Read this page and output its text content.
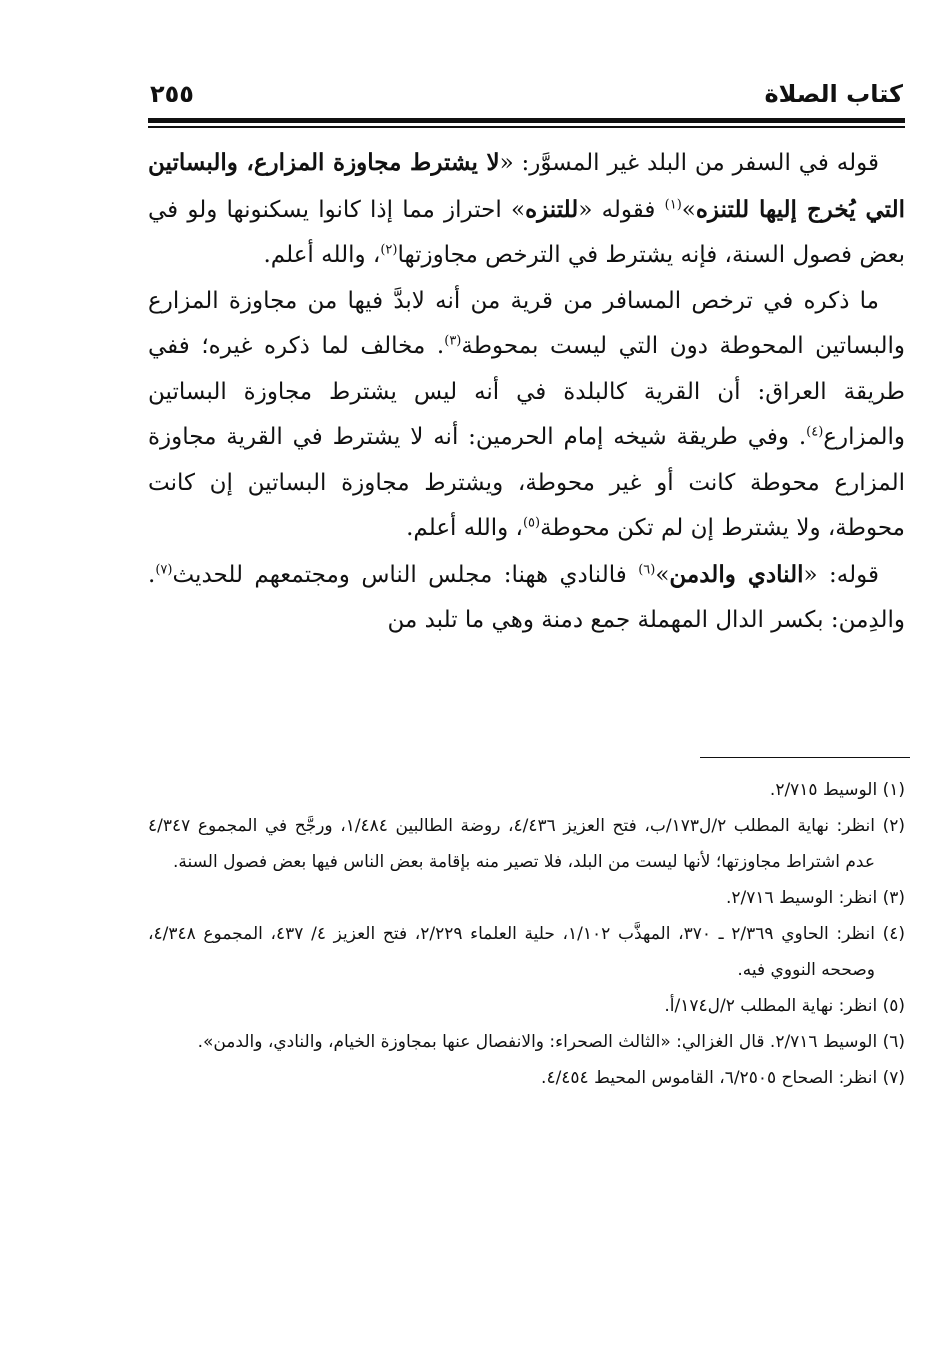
كتاب الصلاة
٢٥٥

قوله في السفر من البلد غير المسوَّر: «لا يشترط مجاوزة المزارع، والبساتين التي يُخرج إليها للتنزه»$^{(١)}$ فقوله «للتنزه» احتراز مما إذا كانوا يسكنونها ولو في بعض فصول السنة، فإنه يشترط في الترخص مجاوزتها$^{(٢)}$، والله أعلم.

ما ذكره في ترخص المسافر من قرية من أنه لابدَّ فيها من مجاوزة المزارع والبساتين المحوطة دون التي ليست بمحوطة$^{(٣)}$. مخالف لما ذكره غيره؛ ففي طريقة العراق: أن القرية كالبلدة في أنه ليس يشترط مجاوزة البساتين والمزارع$^{(٤)}$. وفي طريقة شيخه إمام الحرمين: أنه لا يشترط في القرية مجاوزة المزارع محوطة كانت أو غير محوطة، ويشترط مجاوزة البساتين إن كانت محوطة، ولا يشترط إن لم تكن محوطة$^{(٥)}$، والله أعلم.

قوله: «النادي والدمن»$^{(٦)}$ فالنادي ههنا: مجلس الناس ومجتمعهم للحديث$^{(٧)}$. والدِمن: بكسر الدال المهملة جمع دمنة وهي ما تلبد من

(١) الوسيط ٢/٧١٥.

(٢) انظر: نهاية المطلب ٢/ل١٧٣/ب، فتح العزيز ٤/٤٣٦، روضة الطالبين ١/٤٨٤، ورجَّح في المجموع ٤/٣٤٧ عدم اشتراط مجاوزتها؛ لأنها ليست من البلد، فلا تصير منه بإقامة بعض الناس فيها بعض فصول السنة.

(٣) انظر: الوسيط ٢/٧١٦.

(٤) انظر: الحاوي ٢/٣٦٩ ـ ٣٧٠، المهذَّب ١/١٠٢، حلية العلماء ٢/٢٢٩، فتح العزيز ٤/ ٤٣٧، المجموع ٤/٣٤٨، وصححه النووي فيه.

(٥) انظر: نهاية المطلب ٢/ل١٧٤/أ.

(٦) الوسيط ٢/٧١٦. قال الغزالي: «الثالث الصحراء: والانفصال عنها بمجاوزة الخيام، والنادي، والدمن».

(٧) انظر: الصحاح ٦/٢٥٠٥، القاموس المحيط ٤/٤٥٤.
